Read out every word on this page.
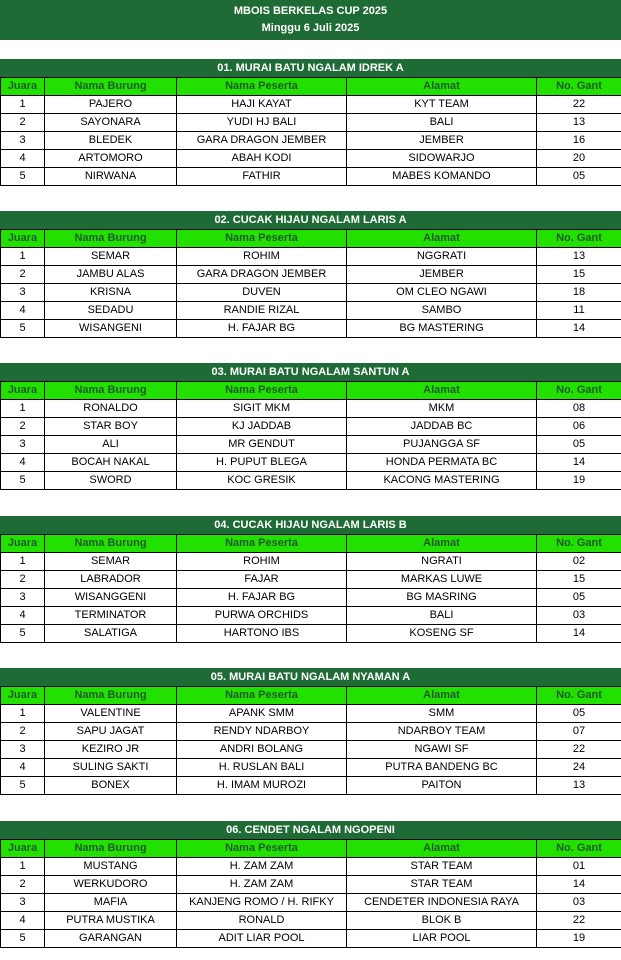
MBOIS BERKELAS CUP 2025
Minggu 6 Juli 2025
01. MURAI BATU NGALAM IDREK A
Juara	Nama Burung	Nama Peserta	Alamat	No. Gant
1	PAJERO	HAJI KAYAT	KYT TEAM	22
2	SAYONARA	YUDI HJ BALI	BALI	13
3	BLEDEK	GARA DRAGON JEMBER	JEMBER	16
4	ARTOMORO	ABAH KODI	SIDOWARJO	20
5	NIRWANA	FATHIR	MABES KOMANDO	05
02. CUCAK HIJAU NGALAM LARIS A
Juara	Nama Burung	Nama Peserta	Alamat	No. Gant
1	SEMAR	ROHIM	NGGRATI	13
2	JAMBU ALAS	GARA DRAGON JEMBER	JEMBER	15
3	KRISNA	DUVEN	OM CLEO NGAWI	18
4	SEDADU	RANDIE RIZAL	SAMBO	11
5	WISANGENI	H. FAJAR BG	BG MASTERING	14
03. MURAI BATU NGALAM SANTUN A
Juara	Nama Burung	Nama Peserta	Alamat	No. Gant
1	RONALDO	SIGIT MKM	MKM	08
2	STAR BOY	KJ JADDAB	JADDAB BC	06
3	ALI	MR GENDUT	PUJANGGA SF	05
4	BOCAH NAKAL	H. PUPUT BLEGA	HONDA PERMATA BC	14
5	SWORD	KOC GRESIK	KACONG MASTERING	19
04. CUCAK HIJAU NGALAM LARIS B
Juara	Nama Burung	Nama Peserta	Alamat	No. Gant
1	SEMAR	ROHIM	NGRATI	02
2	LABRADOR	FAJAR	MARKAS LUWE	15
3	WISANGGENI	H. FAJAR BG	BG MASRING	05
4	TERMINATOR	PURWA ORCHIDS	BALI	03
5	SALATIGA	HARTONO IBS	KOSENG SF	14
05. MURAI BATU NGALAM NYAMAN A
Juara	Nama Burung	Nama Peserta	Alamat	No. Gant
1	VALENTINE	APANK SMM	SMM	05
2	SAPU JAGAT	RENDY NDARBOY	NDARBOY TEAM	07
3	KEZIRO JR	ANDRI BOLANG	NGAWI SF	22
4	SULING SAKTI	H. RUSLAN BALI	PUTRA BANDENG BC	24
5	BONEX	H. IMAM MUROZI	PAITON	13
06. CENDET NGALAM NGOPENI
Juara	Nama Burung	Nama Peserta	Alamat	No. Gant
1	MUSTANG	H. ZAM ZAM	STAR TEAM	01
2	WERKUDORO	H. ZAM ZAM	STAR TEAM	14
3	MAFIA	KANJENG ROMO / H. RIFKY	CENDETER INDONESIA RAYA	03
4	PUTRA MUSTIKA	RONALD	BLOK B	22
5	GARANGAN	ADIT LIAR POOL	LIAR POOL	19
